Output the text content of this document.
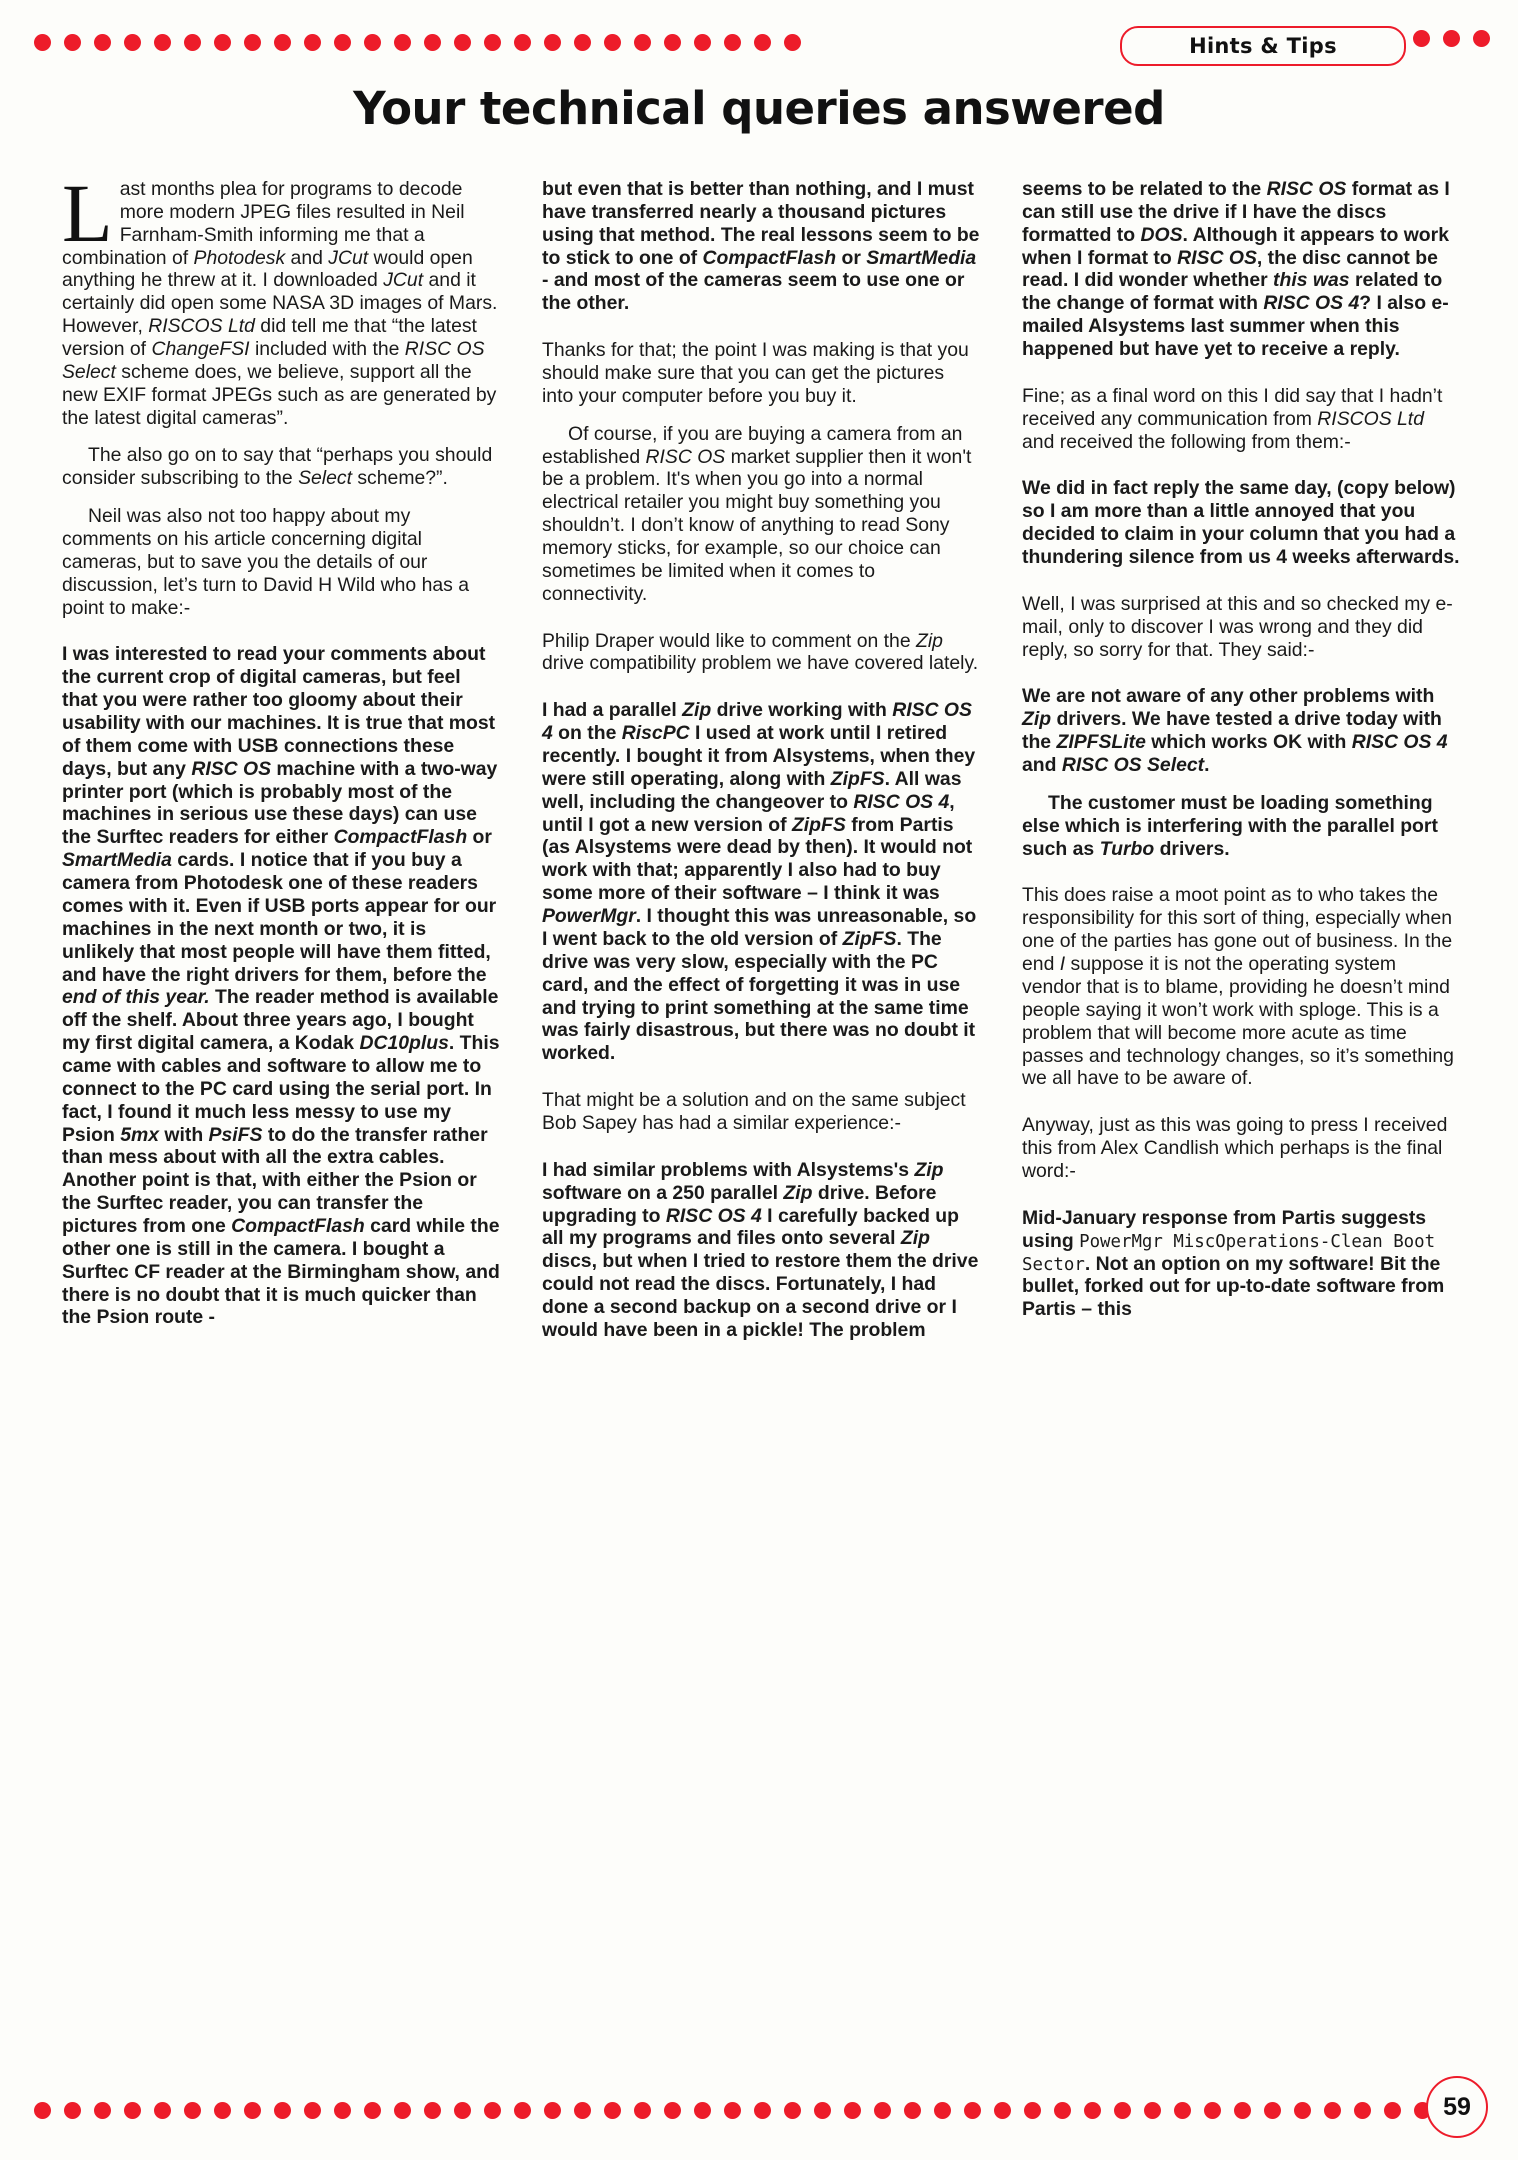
Hints & Tips
Your technical queries answered

Last months plea for programs to decode more modern JPEG files resulted in Neil Farnham-Smith informing me that a combination of Photodesk and JCut would open anything he threw at it. I downloaded JCut and it certainly did open some NASA 3D images of Mars. However, RISCOS Ltd did tell me that “the latest version of ChangeFSI included with the RISC OS Select scheme does, we believe, support all the new EXIF format JPEGs such as are generated by the latest digital cameras”.

The also go on to say that “perhaps you should consider subscribing to the Select scheme?”.

Neil was also not too happy about my comments on his article concerning digital cameras, but to save you the details of our discussion, let’s turn to David H Wild who has a point to make:-

I was interested to read your comments about the current crop of digital cameras, but feel that you were rather too gloomy about their usability with our machines. It is true that most of them come with USB connections these days, but any RISC OS machine with a two-way printer port (which is probably most of the machines in serious use these days) can use the Surftec readers for either CompactFlash or SmartMedia cards. I notice that if you buy a camera from Photodesk one of these readers comes with it. Even if USB ports appear for our machines in the next month or two, it is unlikely that most people will have them fitted, and have the right drivers for them, before the end of this year. The reader method is available off the shelf. About three years ago, I bought my first digital camera, a Kodak DC10plus. This came with cables and software to allow me to connect to the PC card using the serial port. In fact, I found it much less messy to use my Psion 5mx with PsiFS to do the transfer rather than mess about with all the extra cables. Another point is that, with either the Psion or the Surftec reader, you can transfer the pictures from one CompactFlash card while the other one is still in the camera. I bought a Surftec CF reader at the Birmingham show, and there is no doubt that it is much quicker than the Psion route -

but even that is better than nothing, and I must have transferred nearly a thousand pictures using that method. The real lessons seem to be to stick to one of CompactFlash or SmartMedia - and most of the cameras seem to use one or the other.

Thanks for that; the point I was making is that you should make sure that you can get the pictures into your computer before you buy it.

Of course, if you are buying a camera from an established RISC OS market supplier then it won't be a problem. It's when you go into a normal electrical retailer you might buy something you shouldn’t. I don’t know of anything to read Sony memory sticks, for example, so our choice can sometimes be limited when it comes to connectivity.

Philip Draper would like to comment on the Zip drive compatibility problem we have covered lately.

I had a parallel Zip drive working with RISC OS 4 on the RiscPC I used at work until I retired recently. I bought it from Alsystems, when they were still operating, along with ZipFS. All was well, including the changeover to RISC OS 4, until I got a new version of ZipFS from Partis (as Alsystems were dead by then). It would not work with that; apparently I also had to buy some more of their software – I think it was PowerMgr. I thought this was unreasonable, so I went back to the old version of ZipFS. The drive was very slow, especially with the PC card, and the effect of forgetting it was in use and trying to print something at the same time was fairly disastrous, but there was no doubt it worked.

That might be a solution and on the same subject Bob Sapey has had a similar experience:-

I had similar problems with Alsystems's Zip software on a 250 parallel Zip drive. Before upgrading to RISC OS 4 I carefully backed up all my programs and files onto several Zip discs, but when I tried to restore them the drive could not read the discs. Fortunately, I had done a second backup on a second drive or I would have been in a pickle! The problem

seems to be related to the RISC OS format as I can still use the drive if I have the discs formatted to DOS. Although it appears to work when I format to RISC OS, the disc cannot be read. I did wonder whether this was related to the change of format with RISC OS 4? I also e-mailed Alsystems last summer when this happened but have yet to receive a reply.

Fine; as a final word on this I did say that I hadn’t received any communication from RISCOS Ltd and received the following from them:-

We did in fact reply the same day, (copy below) so I am more than a little annoyed that you decided to claim in your column that you had a thundering silence from us 4 weeks afterwards.

Well, I was surprised at this and so checked my e-mail, only to discover I was wrong and they did reply, so sorry for that. They said:-

We are not aware of any other problems with Zip drivers. We have tested a drive today with the ZIPFSLite which works OK with RISC OS 4 and RISC OS Select.

The customer must be loading something else which is interfering with the parallel port such as Turbo drivers.

This does raise a moot point as to who takes the responsibility for this sort of thing, especially when one of the parties has gone out of business. In the end I suppose it is not the operating system vendor that is to blame, providing he doesn’t mind people saying it won’t work with sploge. This is a problem that will become more acute as time passes and technology changes, so it’s something we all have to be aware of.

Anyway, just as this was going to press I received this from Alex Candlish which perhaps is the final word:-

Mid-January response from Partis suggests using PowerMgr MiscOperations-Clean Boot Sector. Not an option on my software! Bit the bullet, forked out for up-to-date software from Partis – this

59
